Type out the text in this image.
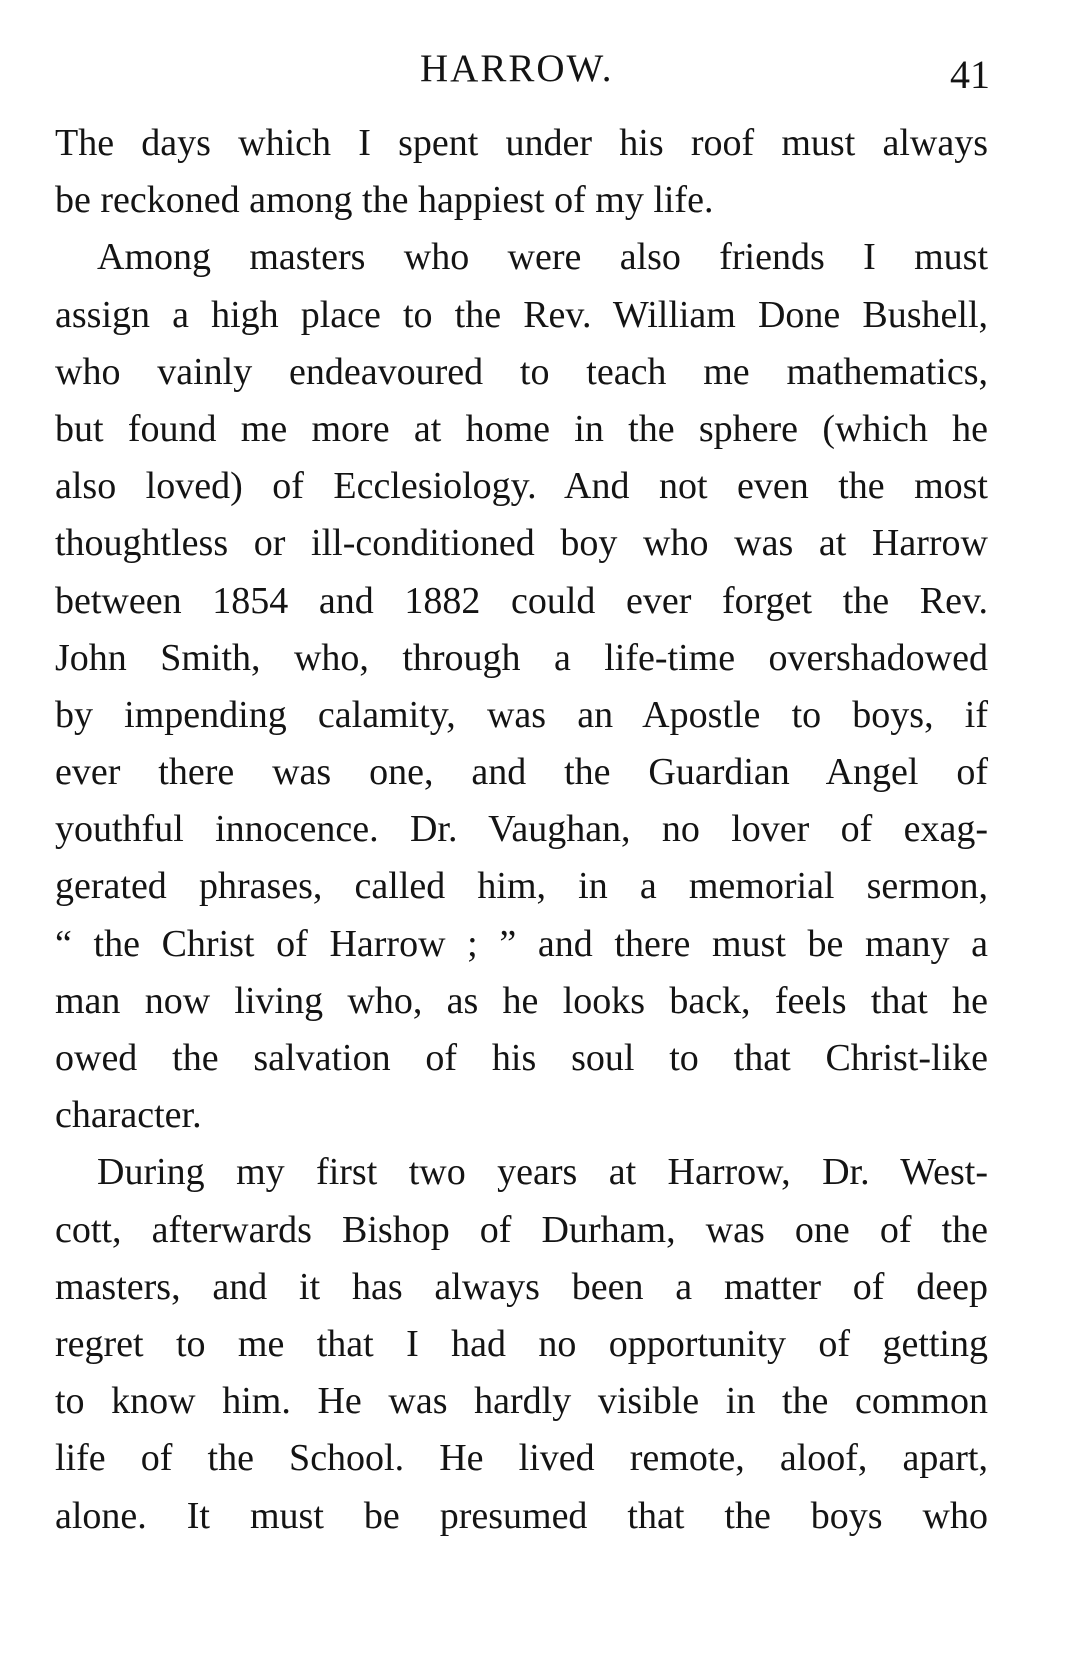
HARROW.	41
The days which I spent under his roof must always
be reckoned among the happiest of my life.
Among masters who were also friends I must
assign a high place to the Rev. William Done Bushell,
who vainly endeavoured to teach me mathematics,
but found me more at home in the sphere (which he
also loved) of Ecclesiology. And not even the most
thoughtless or ill-conditioned boy who was at Harrow
between 1854 and 1882 could ever forget the Rev.
John Smith, who, through a life-time overshadowed
by impending calamity, was an Apostle to boys, if
ever there was one, and the Guardian Angel of
youthful innocence. Dr. Vaughan, no lover of exag-
gerated phrases, called him, in a memorial sermon,
“ the Christ of Harrow ; ” and there must be many a
man now living who, as he looks back, feels that he
owed the salvation of his soul to that Christ-like
character.
During my first two years at Harrow, Dr. West-
cott, afterwards Bishop of Durham, was one of the
masters, and it has always been a matter of deep
regret to me that I had no opportunity of getting
to know him. He was hardly visible in the common
life of the School. He lived remote, aloof, apart,
alone. It must be presumed that the boys who
